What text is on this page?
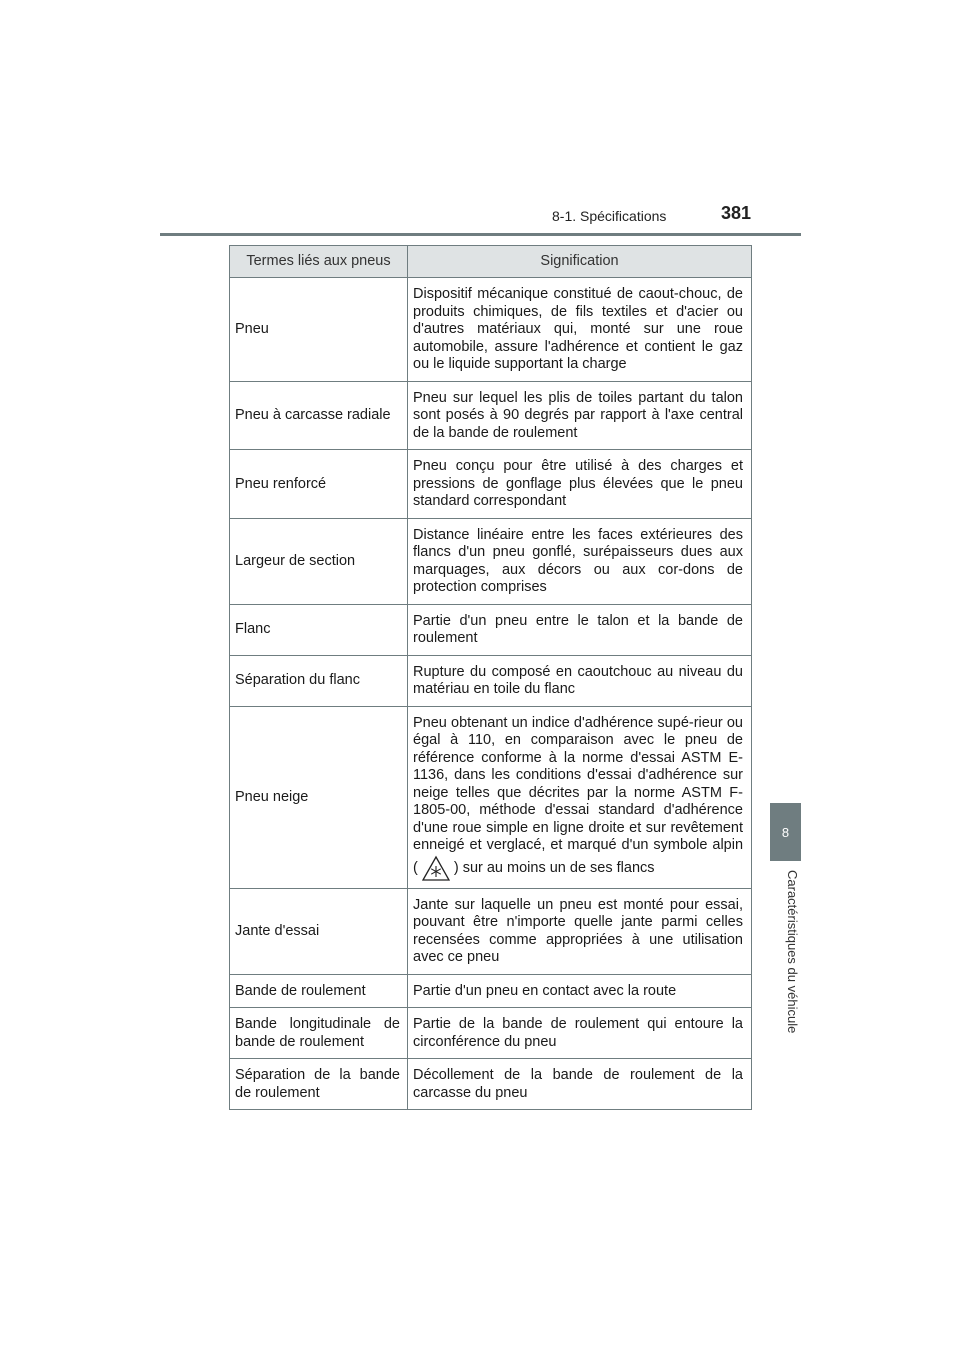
8-1. Spécifications	381
8
Caractéristiques du véhicule
Termes liés aux pneus	Signification
Pneu	Dispositif mécanique constitué de caout-chouc, de produits chimiques, de fils textiles et d'acier ou d'autres matériaux qui, monté sur une roue automobile, assure l'adhérence et contient le gaz ou le liquide supportant la charge
Pneu à carcasse radiale	Pneu sur lequel les plis de toiles partant du talon sont posés à 90 degrés par rapport à l'axe central de la bande de roulement
Pneu renforcé	Pneu conçu pour être utilisé à des charges et pressions de gonflage plus élevées que le pneu standard correspondant
Largeur de section	Distance linéaire entre les faces extérieures des flancs d'un pneu gonflé, surépaisseurs dues aux marquages, aux décors ou aux cor-dons de protection comprises
Flanc	Partie d'un pneu entre le talon et la bande de roulement
Séparation du flanc	Rupture du composé en caoutchouc au niveau du matériau en toile du flanc
Pneu neige	Pneu obtenant un indice d'adhérence supé-rieur ou égal à 110, en comparaison avec le pneu de référence conforme à la norme d'essai ASTM E-1136, dans les conditions d'essai d'adhérence sur neige telles que décrites par la norme ASTM F-1805-00, méthode d'essai standard d'adhérence d'une roue simple en ligne droite et sur revêtement enneigé et verglacé, et marqué d'un symbole alpin ( ) sur au moins un de ses flancs
Jante d'essai	Jante sur laquelle un pneu est monté pour essai, pouvant être n'importe quelle jante parmi celles recensées comme appropriées à une utilisation avec ce pneu
Bande de roulement	Partie d'un pneu en contact avec la route
Bande longitudinale de bande de roulement	Partie de la bande de roulement qui entoure la circonférence du pneu
Séparation de la bande de roulement	Décollement de la bande de roulement de la carcasse du pneu
